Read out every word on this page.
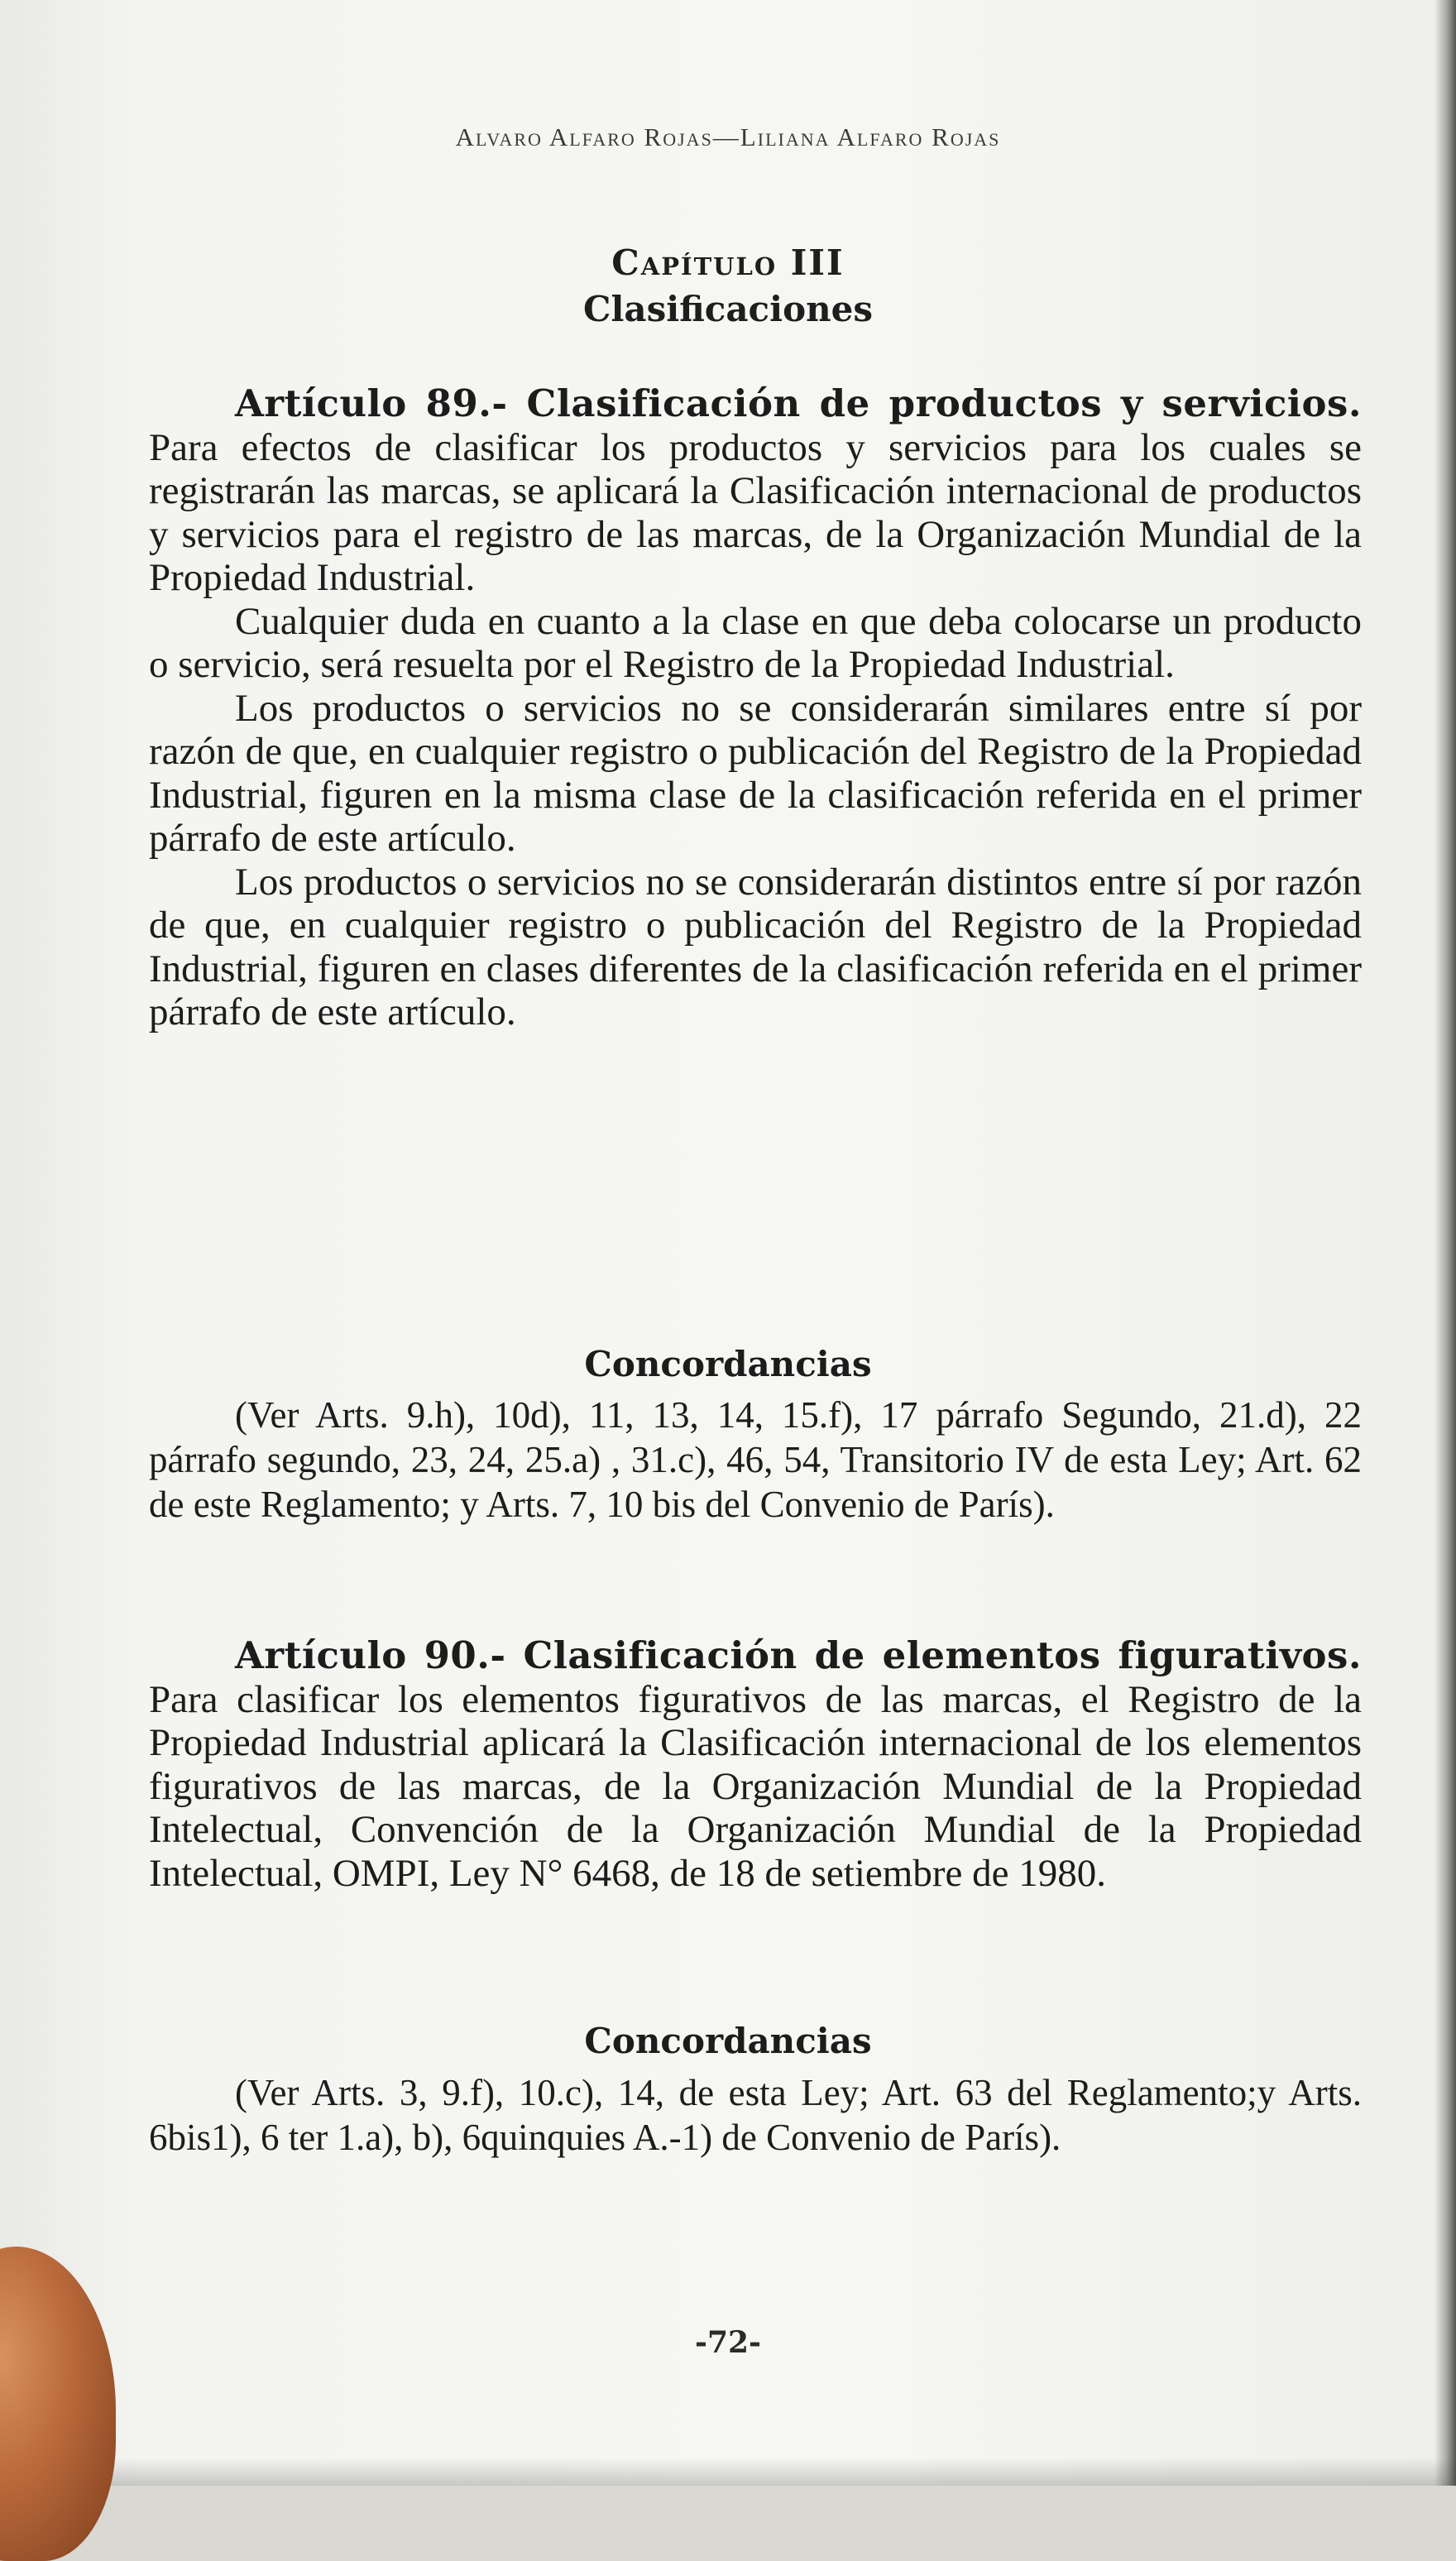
Alvaro Alfaro Rojas—Liliana Alfaro Rojas
Capítulo III
Clasificaciones

Artículo 89.- Clasificación de productos y servicios. Para efectos de clasificar los productos y servicios para los cuales se registrarán las marcas, se aplicará la Clasificación internacional de productos y servicios para el registro de las marcas, de la Organización Mundial de la Propiedad Industrial.

Cualquier duda en cuanto a la clase en que deba colocarse un producto o servicio, será resuelta por el Registro de la Propiedad Industrial.

Los productos o servicios no se considerarán similares entre sí por razón de que, en cualquier registro o publicación del Registro de la Propiedad Industrial, figuren en la misma clase de la clasificación referida en el primer párrafo de este artículo.

Los productos o servicios no se considerarán distintos entre sí por razón de que, en cualquier registro o publicación del Registro de la Propiedad Industrial, figuren en clases diferentes de la clasificación referida en el primer párrafo de este artículo.

Concordancias

(Ver Arts. 9.h), 10d), 11, 13, 14, 15.f), 17 párrafo Segundo, 21.d), 22 párrafo segundo, 23, 24, 25.a) , 31.c), 46, 54, Transitorio IV de esta Ley; Art. 62 de este Reglamento; y Arts. 7, 10 bis del Convenio de París).

Artículo 90.- Clasificación de elementos figurativos. Para clasificar los elementos figurativos de las marcas, el Registro de la Propiedad Industrial aplicará la Clasificación internacional de los elementos figurativos de las marcas, de la Organización Mundial de la Propiedad Intelectual, Convención de la Organización Mundial de la Propiedad Intelectual, OMPI, Ley N° 6468, de 18 de setiembre de 1980.

Concordancias

(Ver Arts. 3, 9.f), 10.c), 14, de esta Ley; Art. 63 del Reglamento;y Arts. 6bis1), 6 ter 1.a), b), 6quinquies A.-1) de Convenio de París).

-72-
